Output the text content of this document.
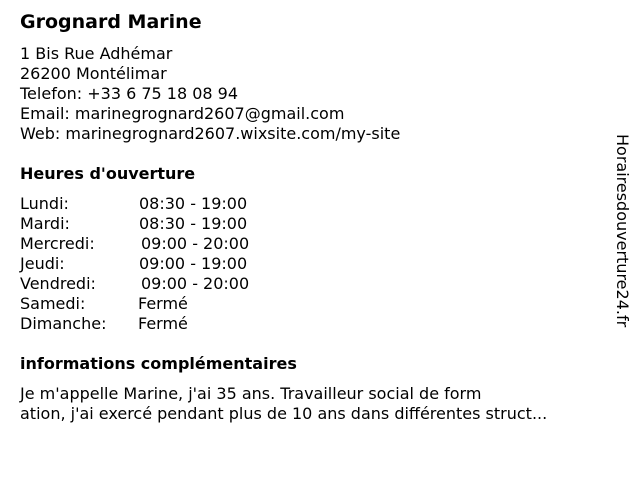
Grognard Marine
1 Bis Rue Adhémar
26200 Montélimar
Telefon: +33 6 75 18 08 94
Email: marinegrognard2607@gmail.com
Web: marinegrognard2607.wixsite.com/my-site
Heures d'ouverture
Lundi:	08:30 - 19:00
Mardi:	08:30 - 19:00
Mercredi:	09:00 - 20:00
Jeudi:	09:00 - 19:00
Vendredi:	09:00 - 20:00
Samedi:	Fermé
Dimanche: Fermé
informations complémentaires
Je m'appelle Marine, j'ai 35 ans. Travailleur social de form
ation, j'ai exercé pendant plus de 10 ans dans différentes struct...
Horairesdouverture24.fr
